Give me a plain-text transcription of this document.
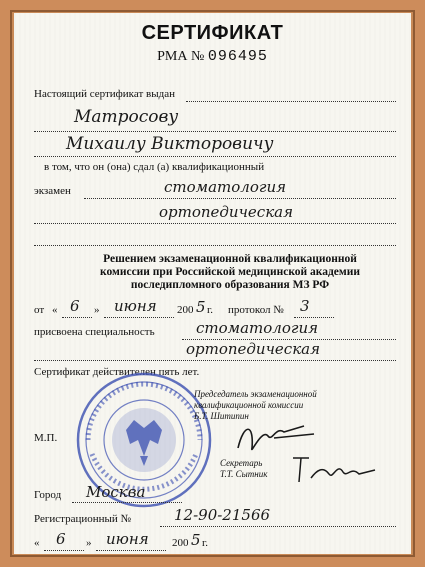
СЕРТИФИКАТ
РМА № 096495
Настоящий сертификат выдан
Матросову
Михаилу Викторовичу
в том, что он (она) сдал (а) квалификационный
экзамен	стоматология
ортопедическая
Решением экзаменационной квалификационной
комиссии при Российской медицинской академии
последипломного образования МЗ РФ
от « 6 » июня 200 5 г. протокол № 3
присвоена специальность	стоматология
ортопедическая
Сертификат действителен пять лет.
Председатель экзаменационной
квалификационной комиссии
Б.Т. Шитипин
М.П.
Секретарь
Т.Т. Сытник
Город Москва
Регистрационный №	12-90-21566
« 6 » июня 200 5 г.
